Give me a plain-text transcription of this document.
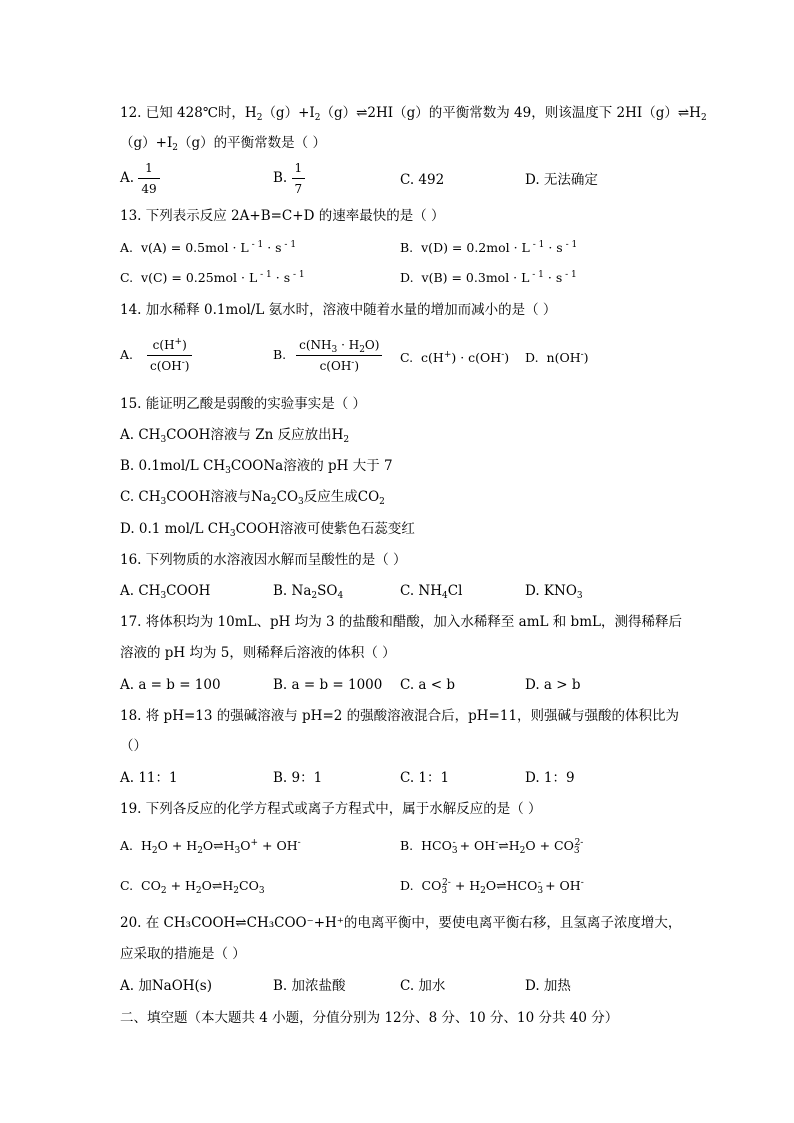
12. 已知 428℃时，$H_2(g)+I_2(g)\rightleftharpoons 2HI(g)$的平衡常数为 49，则该温度下 $2HI(g)\rightleftharpoons H_2$
$(g)+I_2(g)$的平衡常数是（ ）
A. $\frac{1}{49}$	B. $\frac{1}{7}$	C. 492	D. 无法确定
13. 下列表示反应 2A+B=C+D 的速率最快的是（ ）
A. v(A) = 0.5mol · L $^{- 1}$ · s $^{- 1}$	B. v(D) = 0.2mol · L $^{- 1}$ · s $^{- 1}$
C. v(C) = 0.25mol · L $^{- 1}$ · s $^{- 1}$	D. v(B) = 0.3mol · L $^{- 1}$ · s $^{- 1}$
14. 加水稀释 0.1mol/L 氨水时，溶液中随着水量的增加而减小的是（ ）
A. $\frac{c(H^+)}{c(OH^-)}$	B. $\frac{c(NH_3 \cdot H_2O)}{c(OH^-)} C$. c(H+) · c(OH-) D. n(OH-)
15. 能证明乙酸是弱酸的实验事实是（ ）
A. $CH_3COOH$溶液与 Zn 反应放出$H_2$
B. 0.1mol/L $CH_3COONa$溶液的 pH 大于 7
C. $CH_3COOH$溶液与$Na_2CO_3$反应生成$CO_2$
D. 0.1 mol/L $CH_3COOH$溶液可使紫色石蕊变红
16. 下列物质的水溶液因水解而呈酸性的是（ ）
A. $CH_3COOH$	B. $Na_2SO_4$	C. $NH_4Cl$	D. $KNO_3$
17. 将体积均为 10mL、pH 均为 3 的盐酸和醋酸，加入水稀释至 amL 和 bmL，测得稀释后
溶液的 pH 均为 5，则稀释后溶液的体积（ ）
A. a = b = 100	B. a = b = 1000 C. a < b	D. a > b
18. 将 pH=13 的强碱溶液与 pH=2 的强酸溶液混合后，pH=11，则强碱与强酸的体积比为
（）
A. 11：1	B. 9：1	C. 1：1	D. 1：9
19. 下列各反应的化学方程式或离子方程式中，属于水解反应的是（ ）
A. $H_2O$ + $H_2O\rightleftharpoons H_3O^+ + OH^-$	B. $HCO_3^-$ + $OH^-\rightleftharpoons H_2O + CO_3^{2-}$
C. $CO_2$ + $H_2O\rightleftharpoons H_2CO_3$	D. $CO_3^{2-}$ + $H_2O\rightleftharpoons HCO_3^- + OH^-$
20. 在 CH₃COOH⇌CH₃COO⁻+H⁺的电离平衡中，要使电离平衡右移，且氢离子浓度增大，
应采取的措施是（ ）
A. 加NaOH(s)	B. 加浓盐酸	C. 加水	D. 加热
二、填空题（本大题共 4 小题，分值分别为 12分、8 分、10 分、10 分共 40 分）
